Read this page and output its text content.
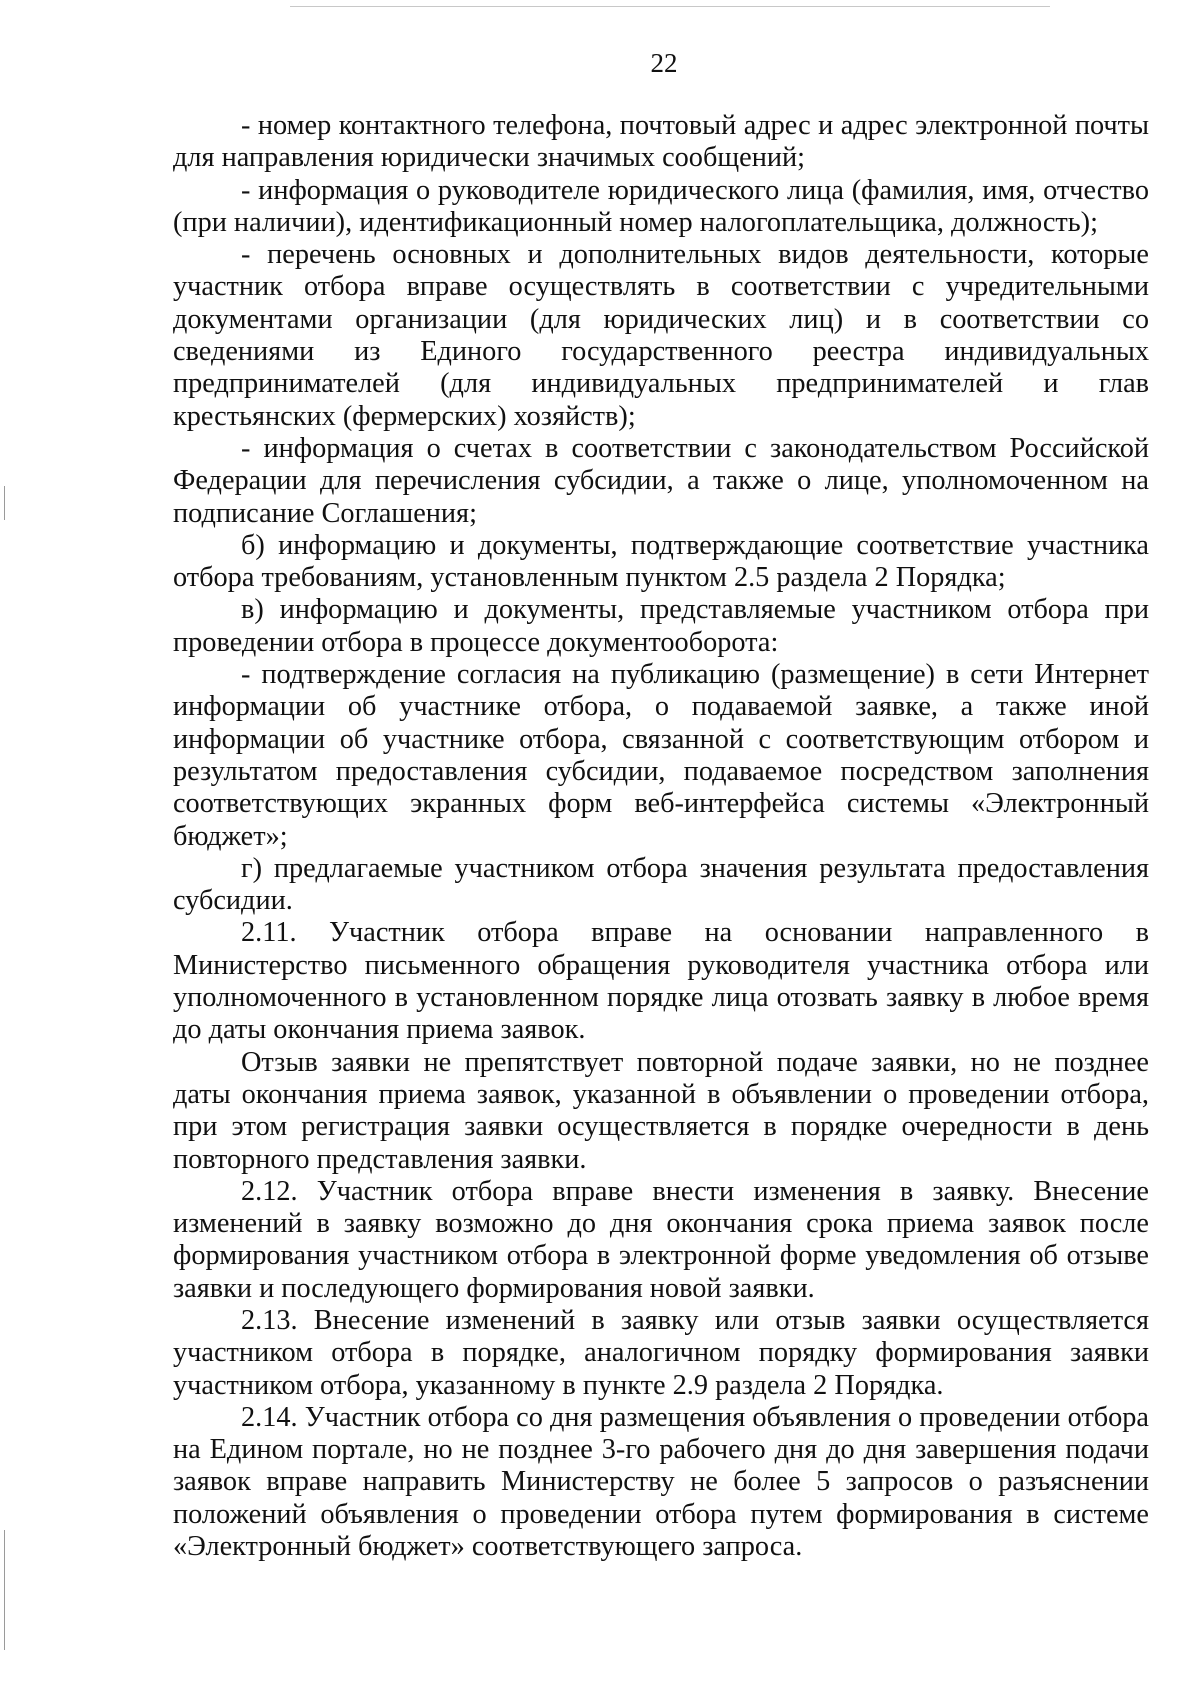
22

- номер контактного телефона, почтовый адрес и адрес электронной почты для направления юридически значимых сообщений;

- информация о руководителе юридического лица (фамилия, имя, отчество (при наличии), идентификационный номер налогоплательщика, должность);

- перечень основных и дополнительных видов деятельности, которые участник отбора вправе осуществлять в соответствии с учредительными документами организации (для юридических лиц) и в соответствии со сведениями из Единого государственного реестра индивидуальных предпринимателей (для индивидуальных предпринимателей и глав крестьянских (фермерских) хозяйств);

- информация о счетах в соответствии с законодательством Российской Федерации для перечисления субсидии, а также о лице, уполномоченном на подписание Соглашения;

б) информацию и документы, подтверждающие соответствие участника отбора требованиям, установленным пунктом 2.5 раздела 2 Порядка;

в) информацию и документы, представляемые участником отбора при проведении отбора в процессе документооборота:

- подтверждение согласия на публикацию (размещение) в сети Интернет информации об участнике отбора, о подаваемой заявке, а также иной информации об участнике отбора, связанной с соответствующим отбором и результатом предоставления субсидии, подаваемое посредством заполнения соответствующих экранных форм веб-интерфейса системы «Электронный бюджет»;

г) предлагаемые участником отбора значения результата предоставления субсидии.

2.11. Участник отбора вправе на основании направленного в Министерство письменного обращения руководителя участника отбора или уполномоченного в установленном порядке лица отозвать заявку в любое время до даты окончания приема заявок.

Отзыв заявки не препятствует повторной подаче заявки, но не позднее даты окончания приема заявок, указанной в объявлении о проведении отбора, при этом регистрация заявки осуществляется в порядке очередности в день повторного представления заявки.

2.12. Участник отбора вправе внести изменения в заявку. Внесение изменений в заявку возможно до дня окончания срока приема заявок после формирования участником отбора в электронной форме уведомления об отзыве заявки и последующего формирования новой заявки.

2.13. Внесение изменений в заявку или отзыв заявки осуществляется участником отбора в порядке, аналогичном порядку формирования заявки участником отбора, указанному в пункте 2.9 раздела 2 Порядка.

2.14. Участник отбора со дня размещения объявления о проведении отбора на Едином портале, но не позднее 3-го рабочего дня до дня завершения подачи заявок вправе направить Министерству не более 5 запросов о разъяснении положений объявления о проведении отбора путем формирования в системе «Электронный бюджет» соответствующего запроса.
